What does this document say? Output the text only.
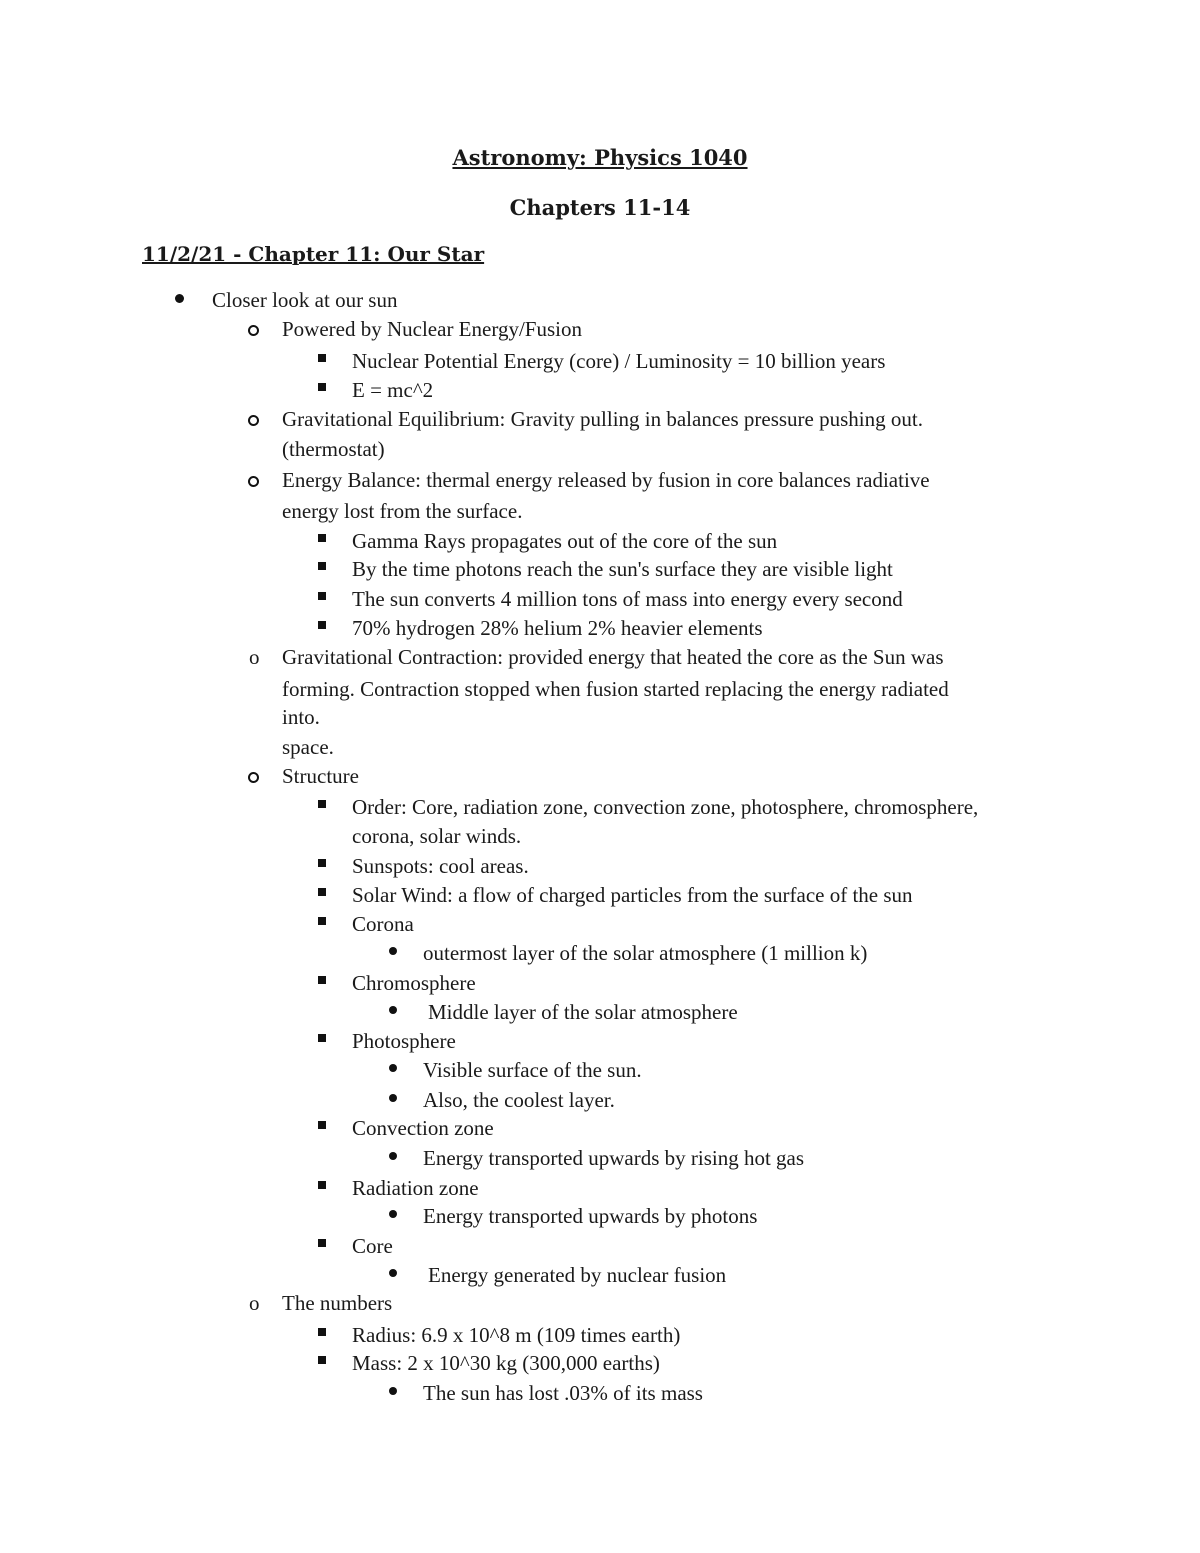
Astronomy: Physics 1040
Chapters 11-14
11/2/21 - Chapter 11: Our Star
Closer look at our sun
Powered by Nuclear Energy/Fusion
Nuclear Potential Energy (core) / Luminosity = 10 billion years
E = mc^2
Gravitational Equilibrium: Gravity pulling in balances pressure pushing out.
(thermostat)
Energy Balance: thermal energy released by fusion in core balances radiative
energy lost from the surface.
Gamma Rays propagates out of the core of the sun
By the time photons reach the sun's surface they are visible light
The sun converts 4 million tons of mass into energy every second
70% hydrogen 28% helium 2% heavier elements
o Gravitational Contraction: provided energy that heated the core as the Sun was
forming. Contraction stopped when fusion started replacing the energy radiated
into.
space.
Structure
Order: Core, radiation zone, convection zone, photosphere, chromosphere,
corona, solar winds.
Sunspots: cool areas.
Solar Wind: a flow of charged particles from the surface of the sun
Corona
outermost layer of the solar atmosphere (1 million k)
Chromosphere
Middle layer of the solar atmosphere
Photosphere
Visible surface of the sun.
Also, the coolest layer.
Convection zone
Energy transported upwards by rising hot gas
Radiation zone
Energy transported upwards by photons
Core
Energy generated by nuclear fusion
o The numbers
Radius: 6.9 x 10^8 m (109 times earth)
Mass: 2 x 10^30 kg (300,000 earths)
The sun has lost .03% of its mass
